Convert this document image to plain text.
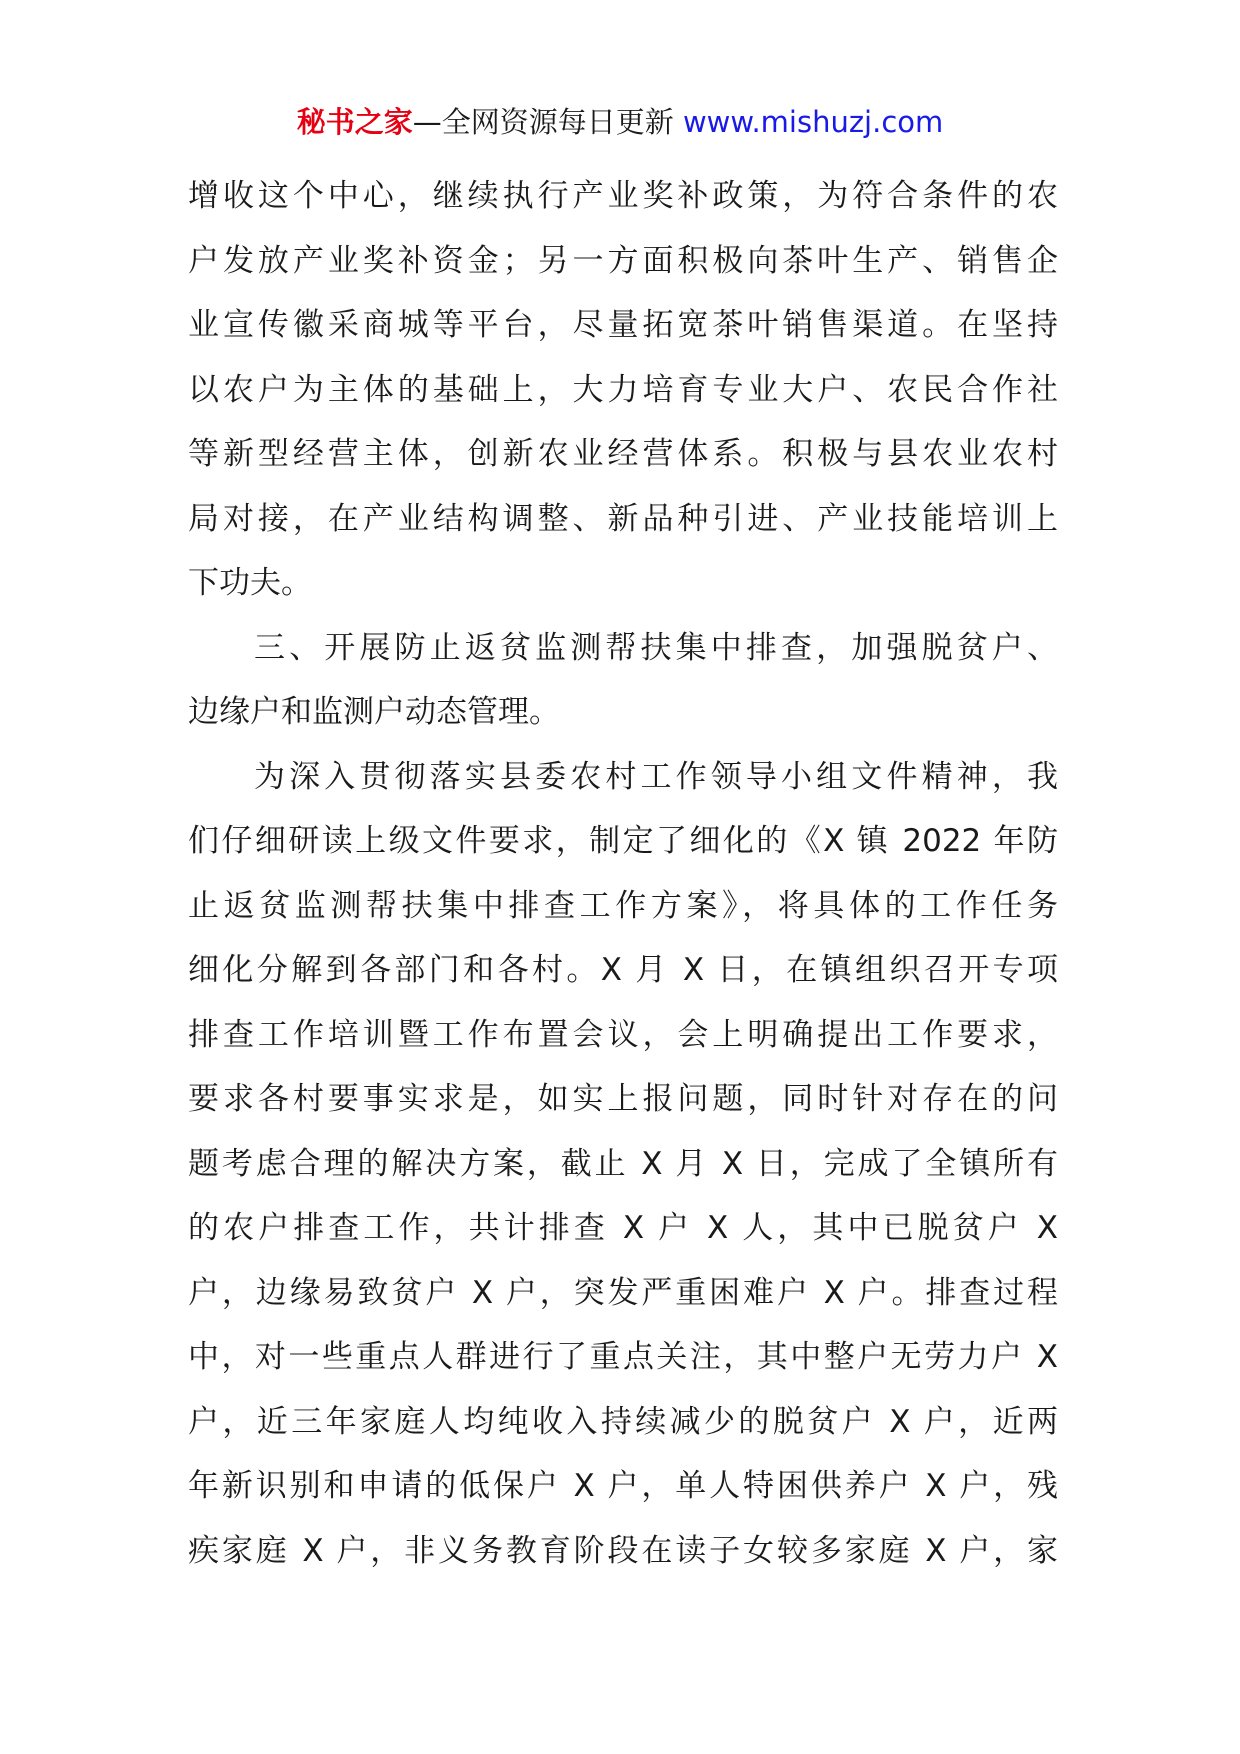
秘书之家—全网资源每日更新 www.mishuzj.com
增收这个中心，继续执行产业奖补政策，为符合条件的农
户发放产业奖补资金；另一方面积极向茶叶生产、销售企
业宣传徽采商城等平台，尽量拓宽茶叶销售渠道。在坚持
以农户为主体的基础上，大力培育专业大户、农民合作社
等新型经营主体，创新农业经营体系。积极与县农业农村
局对接，在产业结构调整、新品种引进、产业技能培训上
下功夫。
三、开展防止返贫监测帮扶集中排查，加强脱贫户、
边缘户和监测户动态管理。
为深入贯彻落实县委农村工作领导小组文件精神，我
们仔细研读上级文件要求，制定了细化的《X 镇 2022 年防
止返贫监测帮扶集中排查工作方案》，将具体的工作任务
细化分解到各部门和各村。X 月 X 日，在镇组织召开专项
排查工作培训暨工作布置会议，会上明确提出工作要求，
要求各村要事实求是，如实上报问题，同时针对存在的问
题考虑合理的解决方案，截止 X 月 X 日，完成了全镇所有
的农户排查工作，共计排查 X 户 X 人，其中已脱贫户 X
户，边缘易致贫户 X 户，突发严重困难户 X 户。排查过程
中，对一些重点人群进行了重点关注，其中整户无劳力户 X
户，近三年家庭人均纯收入持续减少的脱贫户 X 户，近两
年新识别和申请的低保户 X 户，单人特困供养户 X 户，残
疾家庭 X 户，非义务教育阶段在读子女较多家庭 X 户，家
